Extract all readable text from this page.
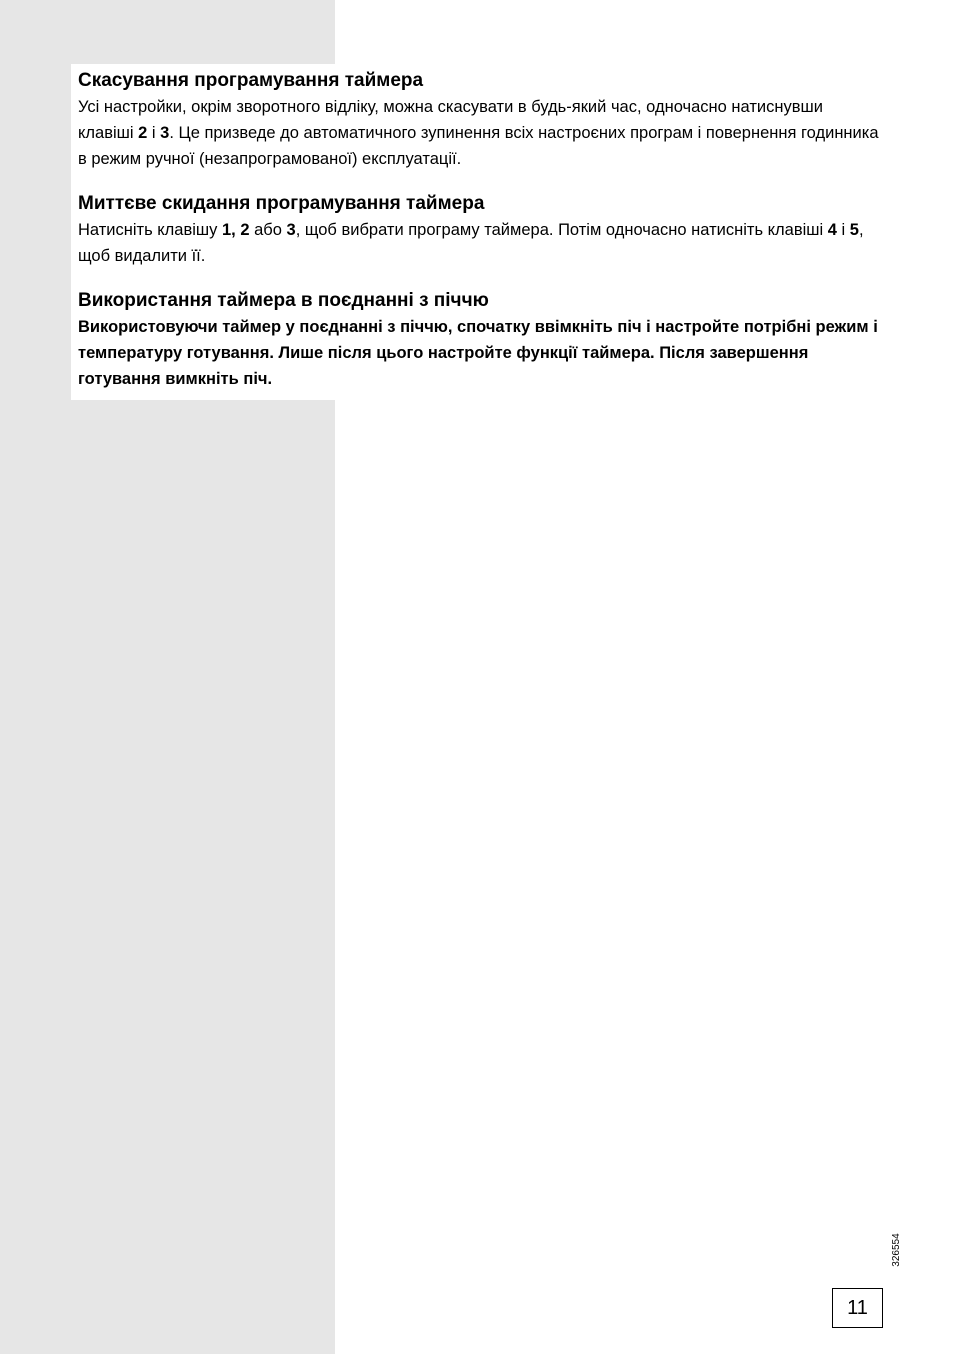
Скасування програмування таймера

Усі настройки, окрім зворотного відліку, можна скасувати в будь-який час, одночасно натиснувши клавіші 2 і 3. Це призведе до автоматичного зупинення всіх настроєних програм і повернення годинника в режим ручної (незапрограмованої) експлуатації.

Миттєве скидання програмування таймера

Натисніть клавішу 1, 2 або 3, щоб вибрати програму таймера. Потім одночасно натисніть клавіші 4 і 5, щоб видалити її.

Використання таймера в поєднанні з піччю

Використовуючи таймер у поєднанні з піччю, спочатку ввімкніть піч і настройте потрібні режим і температуру готування. Лише після цього настройте функції таймера. Після завершення готування вимкніть піч.

326554
11
